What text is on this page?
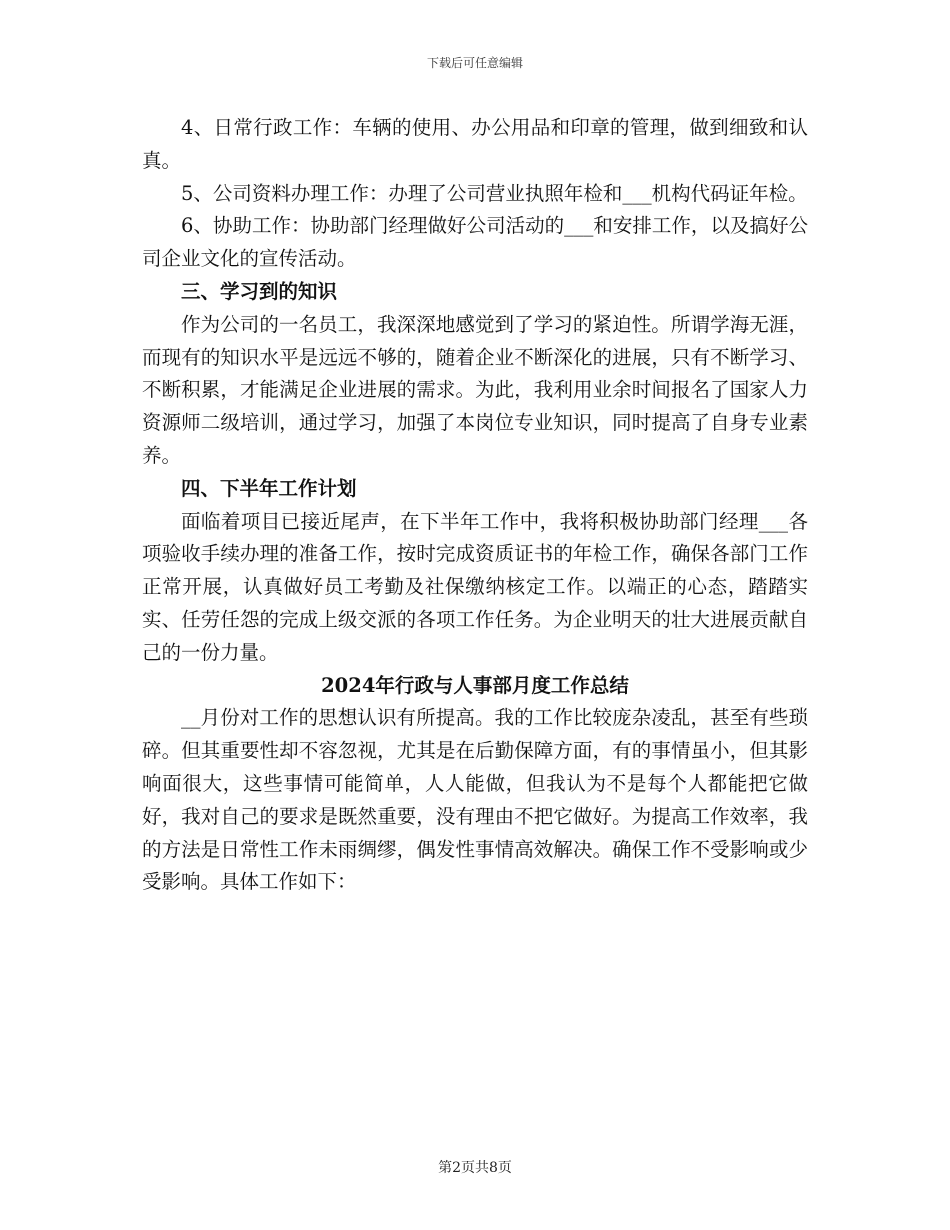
下载后可任意编辑

4、日常行政工作：车辆的使用、办公用品和印章的管理，做到细致和认真。

5、公司资料办理工作：办理了公司营业执照年检和___机构代码证年检。

6、协助工作：协助部门经理做好公司活动的___和安排工作，以及搞好公司企业文化的宣传活动。

三、学习到的知识

作为公司的一名员工，我深深地感觉到了学习的紧迫性。所谓学海无涯，而现有的知识水平是远远不够的，随着企业不断深化的进展，只有不断学习、不断积累，才能满足企业进展的需求。为此，我利用业余时间报名了国家人力资源师二级培训，通过学习，加强了本岗位专业知识，同时提高了自身专业素养。

四、下半年工作计划

面临着项目已接近尾声，在下半年工作中，我将积极协助部门经理___各项验收手续办理的准备工作，按时完成资质证书的年检工作，确保各部门工作正常开展，认真做好员工考勤及社保缴纳核定工作。以端正的心态，踏踏实实、任劳任怨的完成上级交派的各项工作任务。为企业明天的壮大进展贡献自己的一份力量。

2024年行政与人事部月度工作总结

__月份对工作的思想认识有所提高。我的工作比较庞杂凌乱，甚至有些琐碎。但其重要性却不容忽视，尤其是在后勤保障方面，有的事情虽小，但其影响面很大，这些事情可能简单，人人能做，但我认为不是每个人都能把它做好，我对自己的要求是既然重要，没有理由不把它做好。为提高工作效率，我的方法是日常性工作未雨绸缪，偶发性事情高效解决。确保工作不受影响或少受影响。具体工作如下：

第2页共8页
